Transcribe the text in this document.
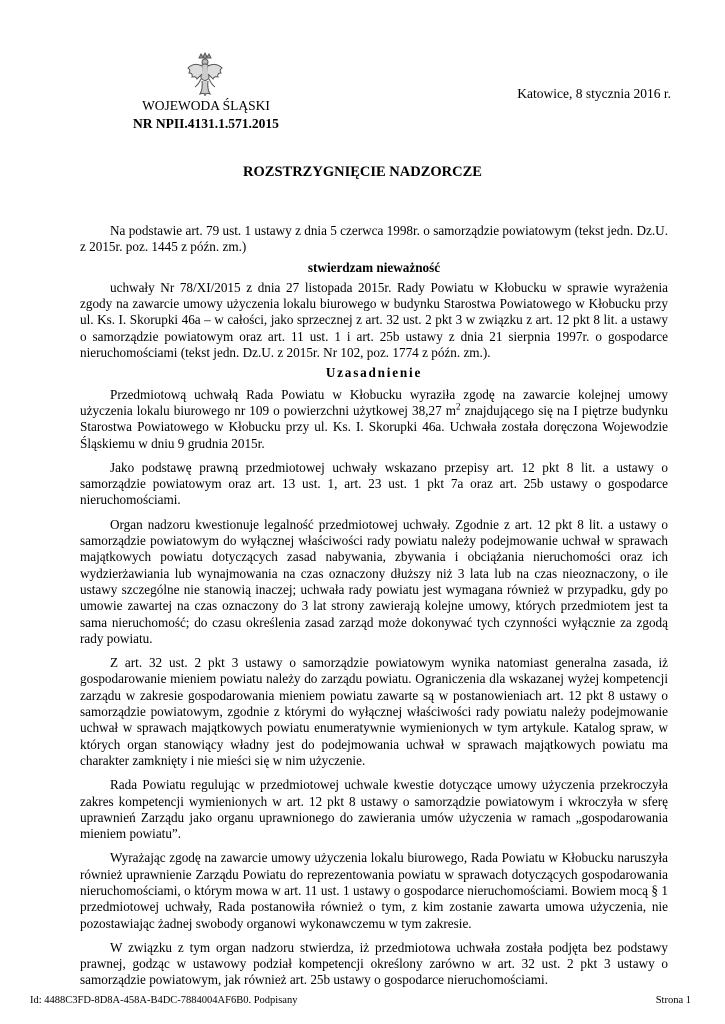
WOJEWODA ŚLĄSKI
NR NPII.4131.1.571.2015
Katowice, 8 stycznia 2016 r.
ROZSTRZYGNIĘCIE NADZORCZE

Na podstawie art. 79 ust. 1 ustawy z dnia 5 czerwca 1998r. o samorządzie powiatowym (tekst jedn. Dz.U. z 2015r. poz. 1445 z późn. zm.)

stwierdzam nieważność

uchwały Nr 78/XI/2015 z dnia 27 listopada 2015r. Rady Powiatu w Kłobucku w sprawie wyrażenia zgody na zawarcie umowy użyczenia lokalu biurowego w budynku Starostwa Powiatowego w Kłobucku przy ul. Ks. I. Skorupki 46a – w całości, jako sprzecznej z art. 32 ust. 2 pkt 3 w związku z art. 12 pkt 8 lit. a ustawy o samorządzie powiatowym oraz art. 11 ust. 1 i art. 25b ustawy z dnia 21 sierpnia 1997r. o gospodarce nieruchomościami (tekst jedn. Dz.U. z 2015r. Nr 102, poz. 1774 z późn. zm.).

Uzasadnienie

Przedmiotową uchwałą Rada Powiatu w Kłobucku wyraziła zgodę na zawarcie kolejnej umowy użyczenia lokalu biurowego nr 109 o powierzchni użytkowej 38,27 $m^2$ znajdującego się na I piętrze budynku Starostwa Powiatowego w Kłobucku przy ul. Ks. I. Skorupki 46a. Uchwała została doręczona Wojewodzie Śląskiemu w dniu 9 grudnia 2015r.

Jako podstawę prawną przedmiotowej uchwały wskazano przepisy art. 12 pkt 8 lit. a ustawy o samorządzie powiatowym oraz art. 13 ust. 1, art. 23 ust. 1 pkt 7a oraz art. 25b ustawy o gospodarce nieruchomościami.

Organ nadzoru kwestionuje legalność przedmiotowej uchwały. Zgodnie z art. 12 pkt 8 lit. a ustawy o samorządzie powiatowym do wyłącznej właściwości rady powiatu należy podejmowanie uchwał w sprawach majątkowych powiatu dotyczących zasad nabywania, zbywania i obciążania nieruchomości oraz ich wydzierżawiania lub wynajmowania na czas oznaczony dłuższy niż 3 lata lub na czas nieoznaczony, o ile ustawy szczególne nie stanowią inaczej; uchwała rady powiatu jest wymagana również w przypadku, gdy po umowie zawartej na czas oznaczony do 3 lat strony zawierają kolejne umowy, których przedmiotem jest ta sama nieruchomość; do czasu określenia zasad zarząd może dokonywać tych czynności wyłącznie za zgodą rady powiatu.

Z art. 32 ust. 2 pkt 3 ustawy o samorządzie powiatowym wynika natomiast generalna zasada, iż gospodarowanie mieniem powiatu należy do zarządu powiatu. Ograniczenia dla wskazanej wyżej kompetencji zarządu w zakresie gospodarowania mieniem powiatu zawarte są w postanowieniach art. 12 pkt 8 ustawy o samorządzie powiatowym, zgodnie z którymi do wyłącznej właściwości rady powiatu należy podejmowanie uchwał w sprawach majątkowych powiatu enumeratywnie wymienionych w tym artykule. Katalog spraw, w których organ stanowiący władny jest do podejmowania uchwał w sprawach majątkowych powiatu ma charakter zamknięty i nie mieści się w nim użyczenie.

Rada Powiatu regulując w przedmiotowej uchwale kwestie dotyczące umowy użyczenia przekroczyła zakres kompetencji wymienionych w art. 12 pkt 8 ustawy o samorządzie powiatowym i wkroczyła w sferę uprawnień Zarządu jako organu uprawnionego do zawierania umów użyczenia w ramach „gospodarowania mieniem powiatu”.

Wyrażając zgodę na zawarcie umowy użyczenia lokalu biurowego, Rada Powiatu w Kłobucku naruszyła również uprawnienie Zarządu Powiatu do reprezentowania powiatu w sprawach dotyczących gospodarowania nieruchomościami, o którym mowa w art. 11 ust. 1 ustawy o gospodarce nieruchomościami. Bowiem mocą § 1 przedmiotowej uchwały, Rada postanowiła również o tym, z kim zostanie zawarta umowa użyczenia, nie pozostawiając żadnej swobody organowi wykonawczemu w tym zakresie.

W związku z tym organ nadzoru stwierdza, iż przedmiotowa uchwała została podjęta bez podstawy prawnej, godząc w ustawowy podział kompetencji określony zarówno w art. 32 ust. 2 pkt 3 ustawy o samorządzie powiatowym, jak również art. 25b ustawy o gospodarce nieruchomościami.

Id: 4488C3FD-8D8A-458A-B4DC-7884004AF6B0. Podpisany	Strona 1
